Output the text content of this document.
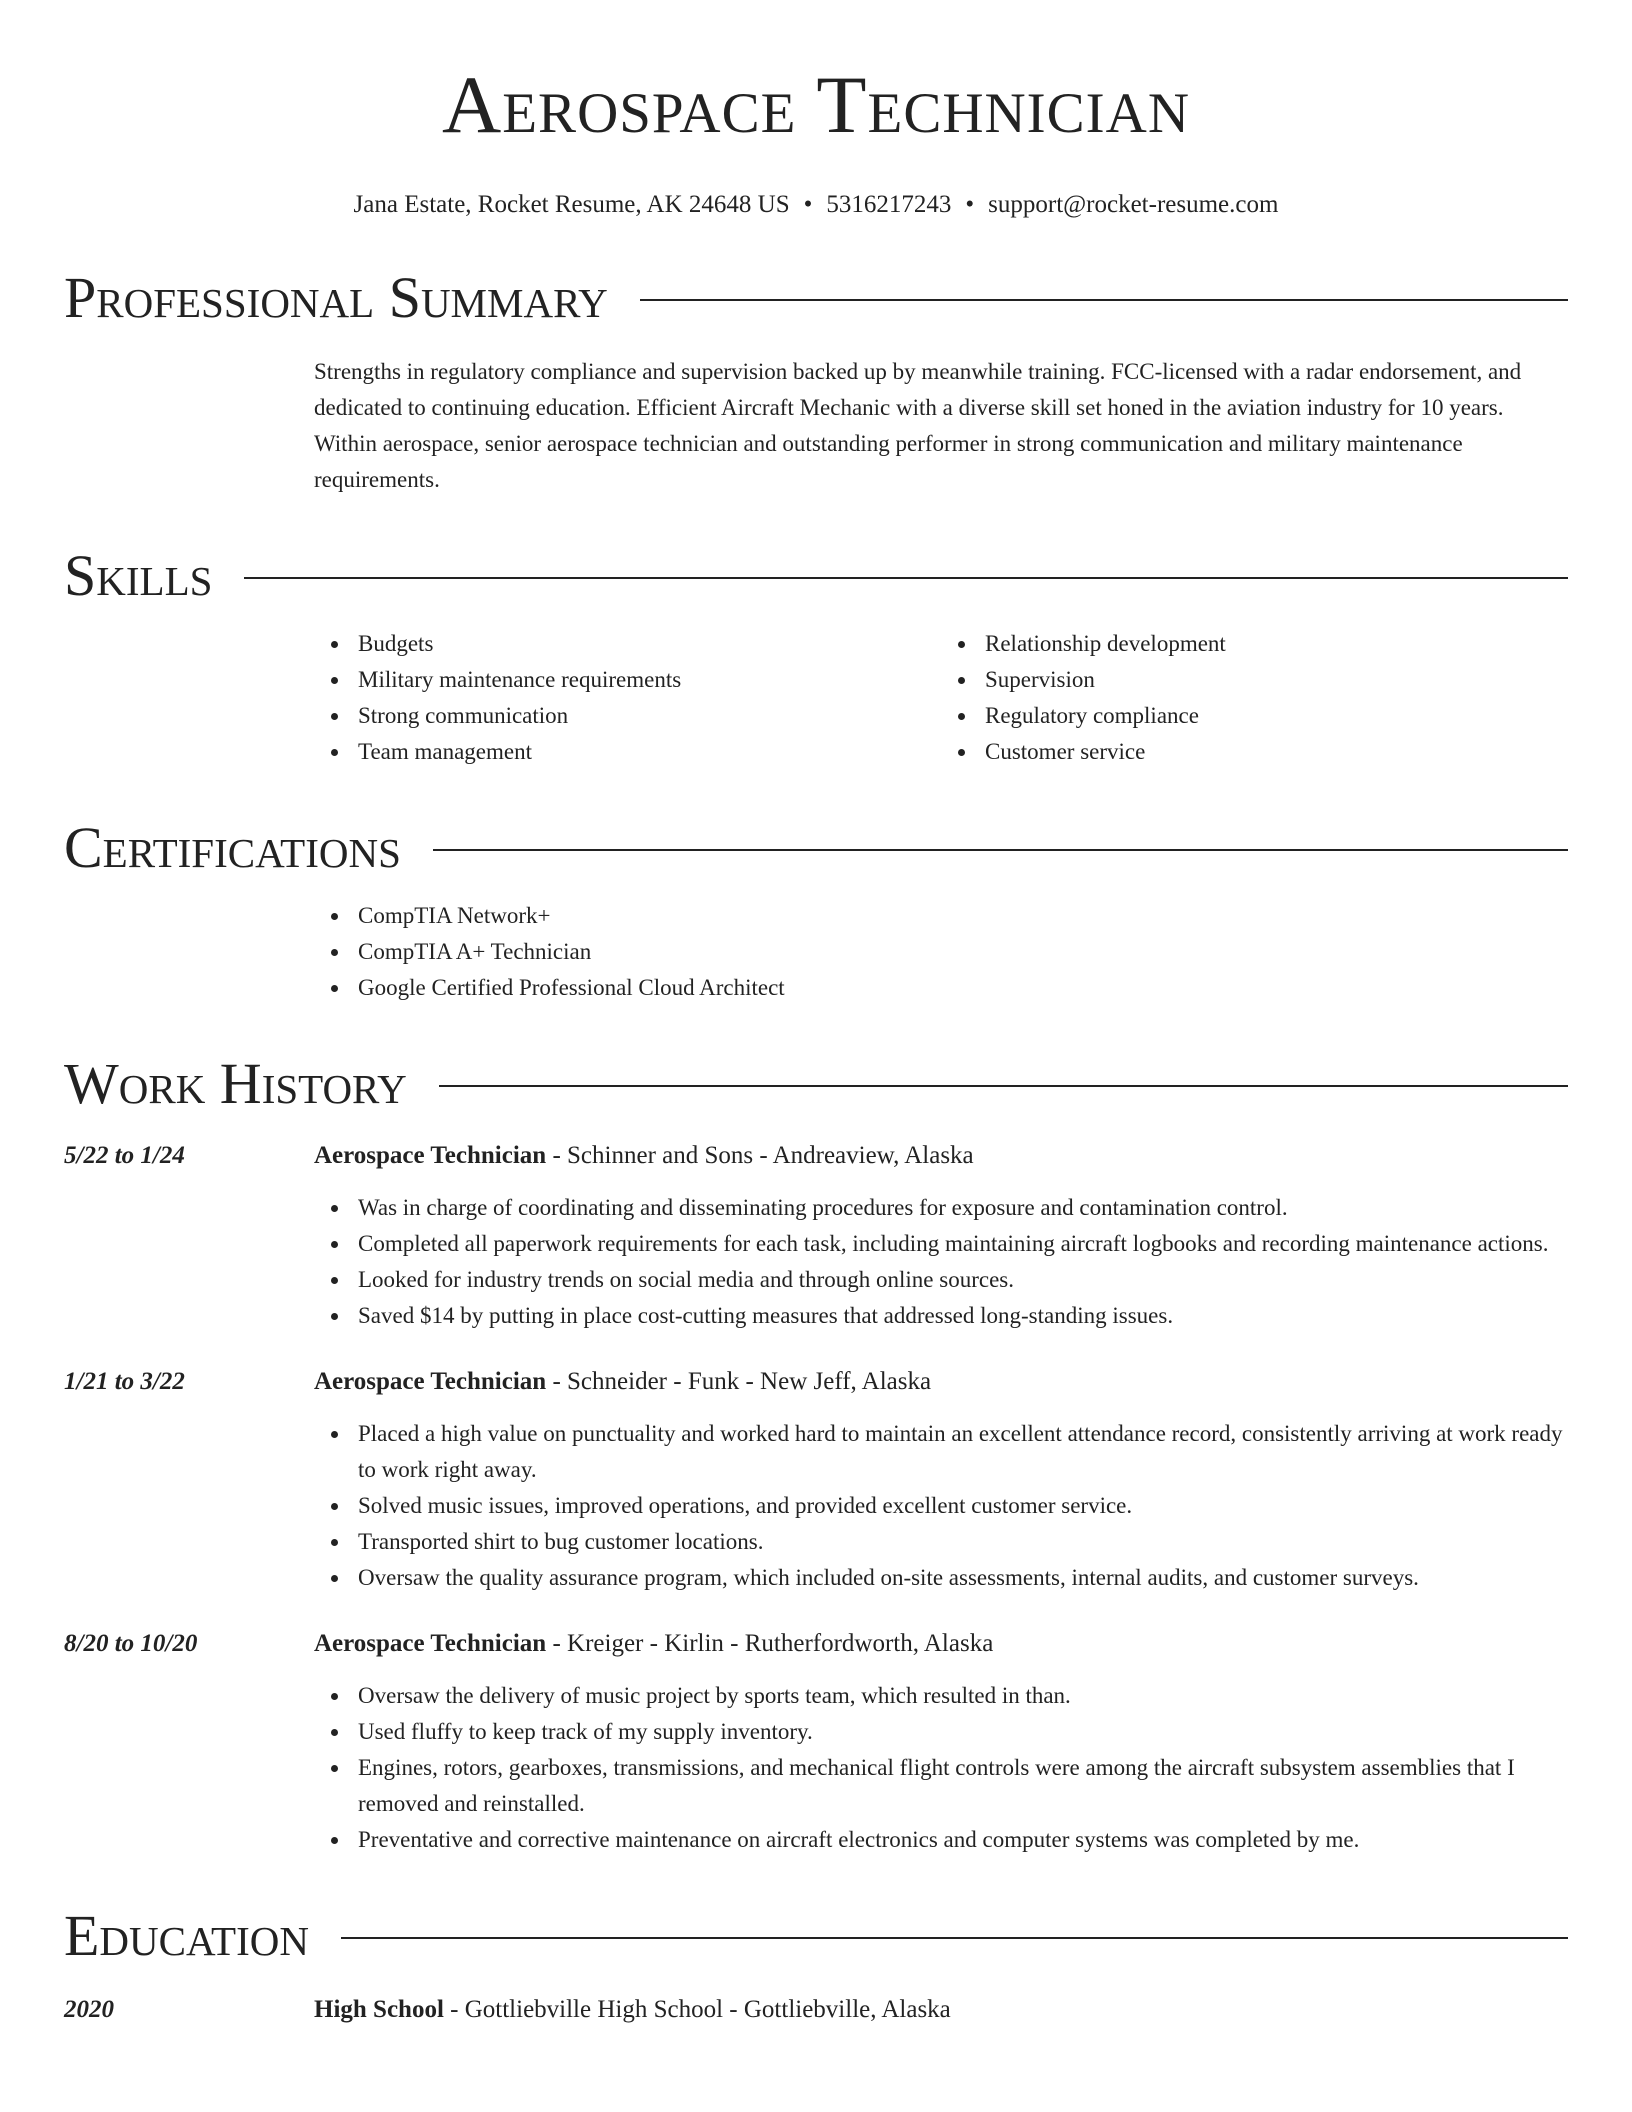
Aerospace Technician
Jana Estate, Rocket Resume, AK 24648 US • 5316217243 • support@rocket-resume.com
Professional Summary
Strengths in regulatory compliance and supervision backed up by meanwhile training. FCC-licensed with a radar endorsement, and dedicated to continuing education. Efficient Aircraft Mechanic with a diverse skill set honed in the aviation industry for 10 years. Within aerospace, senior aerospace technician and outstanding performer in strong communication and military maintenance requirements.
Skills
Budgets
Military maintenance requirements
Strong communication
Team management
Relationship development
Supervision
Regulatory compliance
Customer service
Certifications
CompTIA Network+
CompTIA A+ Technician
Google Certified Professional Cloud Architect
Work History
5/22 to 1/24	Aerospace Technician - Schinner and Sons - Andreaview, Alaska
Was in charge of coordinating and disseminating procedures for exposure and contamination control.
Completed all paperwork requirements for each task, including maintaining aircraft logbooks and recording maintenance actions.
Looked for industry trends on social media and through online sources.
Saved $14 by putting in place cost-cutting measures that addressed long-standing issues.
1/21 to 3/22	Aerospace Technician - Schneider - Funk - New Jeff, Alaska
Placed a high value on punctuality and worked hard to maintain an excellent attendance record, consistently arriving at work ready to work right away.
Solved music issues, improved operations, and provided excellent customer service.
Transported shirt to bug customer locations.
Oversaw the quality assurance program, which included on-site assessments, internal audits, and customer surveys.
8/20 to 10/20	Aerospace Technician - Kreiger - Kirlin - Rutherfordworth, Alaska
Oversaw the delivery of music project by sports team, which resulted in than.
Used fluffy to keep track of my supply inventory.
Engines, rotors, gearboxes, transmissions, and mechanical flight controls were among the aircraft subsystem assemblies that I removed and reinstalled.
Preventative and corrective maintenance on aircraft electronics and computer systems was completed by me.
Education
2020	High School - Gottliebville High School - Gottliebville, Alaska
